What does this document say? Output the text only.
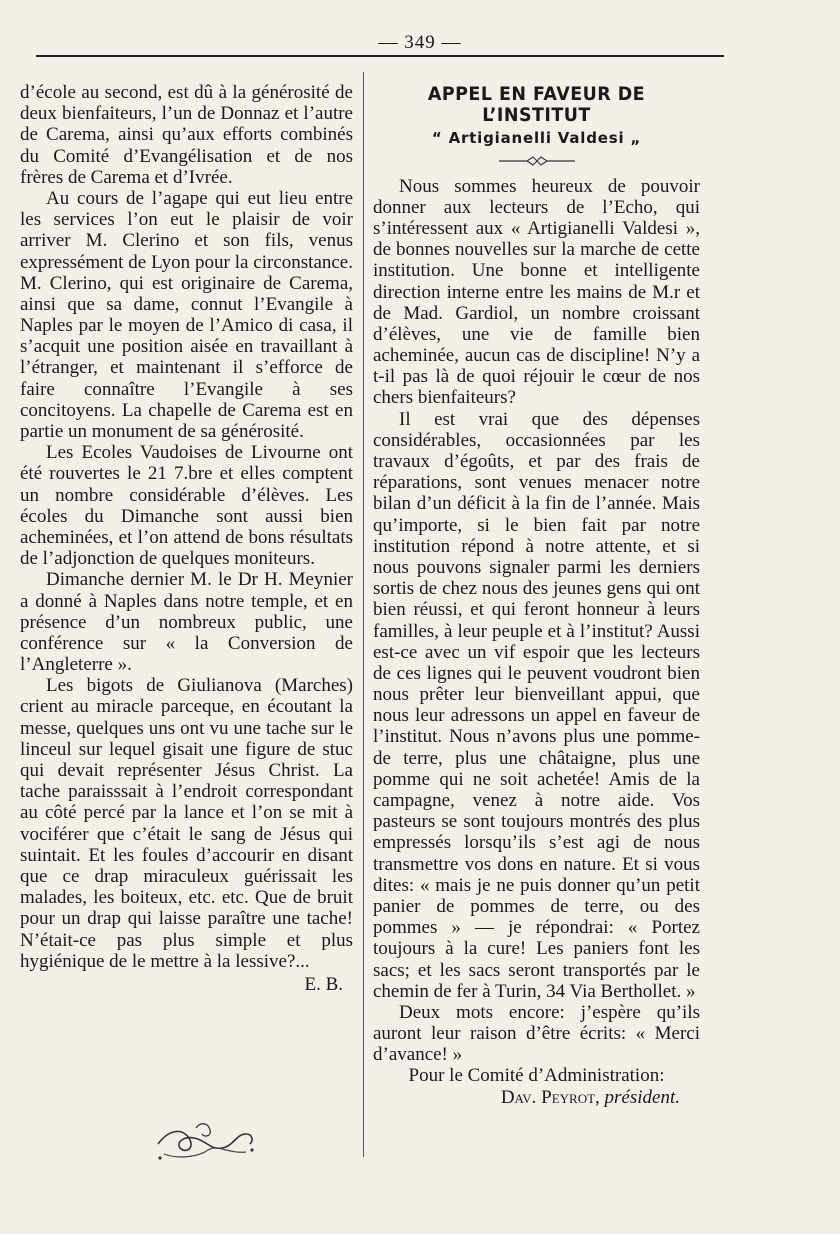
— 349 —

d’école au second, est dû à la générosité de deux bienfaiteurs, l’un de Donnaz et l’autre de Carema, ainsi qu’aux efforts combinés du Comité d’Evangélisation et de nos frères de Carema et d’Ivrée.

Au cours de l’agape qui eut lieu entre les services l’on eut le plaisir de voir arriver M. Clerino et son fils, venus expressément de Lyon pour la circonstance. M. Clerino, qui est originaire de Carema, ainsi que sa dame, connut l’Evangile à Naples par le moyen de l’Amico di casa, il s’acquit une position aisée en travaillant à l’étranger, et maintenant il s’efforce de faire connaître l’Evangile à ses concitoyens. La chapelle de Carema est en partie un monument de sa générosité.

Les Ecoles Vaudoises de Livourne ont été rouvertes le 21 7.bre et elles comptent un nombre considérable d’élèves. Les écoles du Dimanche sont aussi bien acheminées, et l’on attend de bons résultats de l’adjonction de quelques moniteurs.

Dimanche dernier M. le Dr H. Meynier a donné à Naples dans notre temple, et en présence d’un nombreux public, une conférence sur « la Conversion de l’Angleterre ».

Les bigots de Giulianova (Marches) crient au miracle parceque, en écoutant la messe, quelques uns ont vu une tache sur le linceul sur lequel gisait une figure de stuc qui devait représenter Jésus Christ. La tache paraisssait à l’endroit correspondant au côté percé par la lance et l’on se mit à vociférer que c’était le sang de Jésus qui suintait. Et les foules d’accourir en disant que ce drap miraculeux guérissait les malades, les boiteux, etc. etc. Que de bruit pour un drap qui laisse paraître une tache! N’était-ce pas plus simple et plus hygiénique de le mettre à la lessive?...

E. B.

APPEL EN FAVEUR DE L’INSTITUT
“ Artigianelli Valdesi „

Nous sommes heureux de pouvoir donner aux lecteurs de l’Echo, qui s’intéressent aux « Artigianelli Valdesi », de bonnes nouvelles sur la marche de cette institution. Une bonne et intelligente direction interne entre les mains de M.r et de Mad. Gardiol, un nombre croissant d’élèves, une vie de famille bien acheminée, aucun cas de discipline! N’y a t-il pas là de quoi réjouir le cœur de nos chers bienfaiteurs?

Il est vrai que des dépenses considérables, occasionnées par les travaux d’égoûts, et par des frais de réparations, sont venues menacer notre bilan d’un déficit à la fin de l’année. Mais qu’importe, si le bien fait par notre institution répond à notre attente, et si nous pouvons signaler parmi les derniers sortis de chez nous des jeunes gens qui ont bien réussi, et qui feront honneur à leurs familles, à leur peuple et à l’institut? Aussi est-ce avec un vif espoir que les lecteurs de ces lignes qui le peuvent voudront bien nous prêter leur bienveillant appui, que nous leur adressons un appel en faveur de l’institut. Nous n’avons plus une pomme-de terre, plus une châtaigne, plus une pomme qui ne soit achetée! Amis de la campagne, venez à notre aide. Vos pasteurs se sont toujours montrés des plus empressés lorsqu’ils s’est agi de nous transmettre vos dons en nature. Et si vous dites: « mais je ne puis donner qu’un petit panier de pommes de terre, ou des pommes » — je répondrai: « Portez toujours à la cure! Les paniers font les sacs; et les sacs seront transportés par le chemin de fer à Turin, 34 Via Berthollet. »

Deux mots encore: j’espère qu’ils auront leur raison d’être écrits: « Merci d’avance! »

Pour le Comité d’Administration:

Dav. Peyrot, président.
